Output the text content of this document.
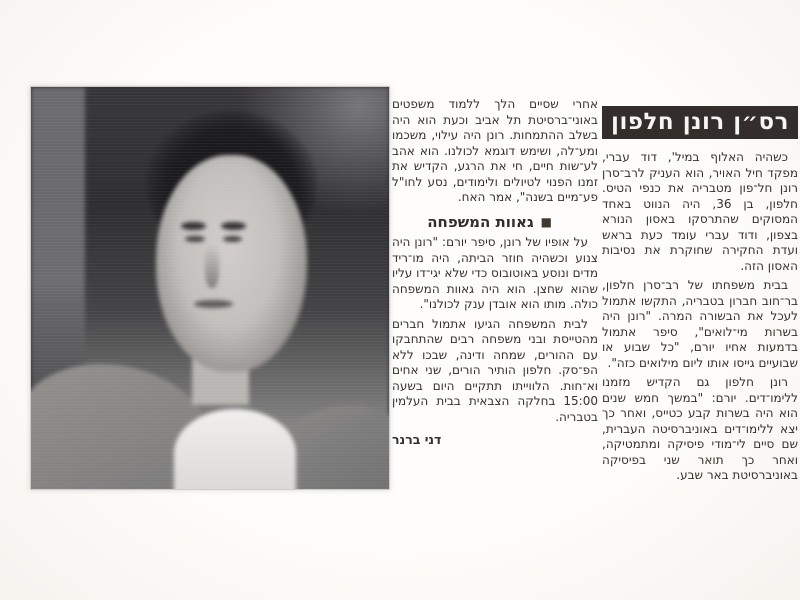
רס״ן רונן חלפון

כשהיה האלוף במיל', דוד עברי, מפקד חיל האויר, הוא העניק לרב־סרן רונן חל־פון מטבריה את כנפי הטיס. חלפון, בן 36, היה הנווט באחד המסוקים שהתרסקו באסון הנורא בצפון, ודוד עברי עומד כעת בראש ועדת החקירה שחוקרת את נסיבות האסון הזה.

בבית משפחתו של רב־סרן חלפון, בר־חוב חברון בטבריה, התקשו אתמול לעכל את הבשורה המרה. "רונן היה בשרות מי־לואים", סיפר אתמול בדמעות אחיו יורם, "כל שבוע או שבועיים גייסו אותו ליום מילואים כזה".

רונן חלפון גם הקדיש מזמנו ללימו־דים. יורם: "במשך חמש שנים הוא היה בשרות קבע כטייס, ואחר כך יצא ללימו־דים באוניברסיטה העברית, שם סיים לי־מודי פיסיקה ומתמטיקה, ואחר כך תואר שני בפיסיקה באוניברסיטת באר שבע.

אחרי שסיים הלך ללמוד משפטים באוני־ברסיטת תל אביב וכעת הוא היה בשלב ההתמחות. רונן היה עילוי, משכמו ומע־לה, ושימש דוגמא לכולנו. הוא אהב לע־שות חיים, חי את הרגע, הקדיש את זמנו הפנוי לטיולים ולימודים, נסע לחו"ל פע־מיים בשנה", אמר האח.

■
גאוות המשפחה

על אופיו של רונן, סיפר יורם: "רונן היה צנוע וכשהיה חוזר הביתה, היה מו־ריד מדים ונוסע באוטובוס כדי שלא יגי־דו עליו שהוא שחצן. הוא היה גאוות המשפחה כולה. מותו הוא אובדן ענק לכולנו".

לבית המשפחה הגיעו אתמול חברים מהטייסת ובני משפחה רבים שהתחבקו עם ההורים, שמחה ודינה, שבכו ללא הפ־סק. חלפון הותיר הורים, שני אחים וא־חות. הלווייתו תתקיים היום בשעה 15:00 בחלקה הצבאית בבית העלמין בטבריה.

דני ברנר
